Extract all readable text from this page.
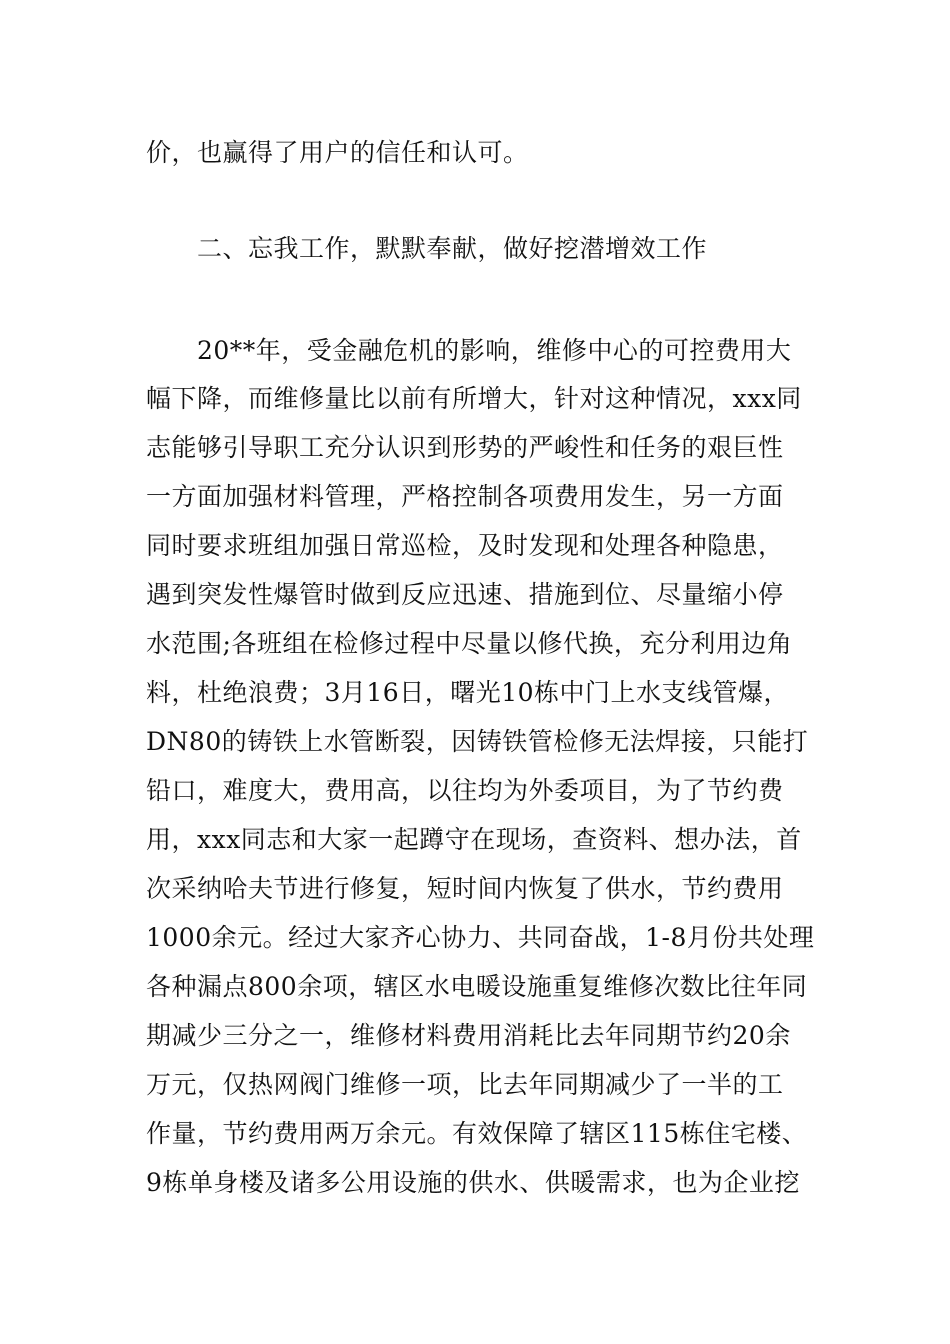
价，也赢得了用户的信任和认可。
二、忘我工作，默默奉献，做好挖潜增效工作
20**年，受金融危机的影响，维修中心的可控费用大
幅下降，而维修量比以前有所增大，针对这种情况，xxx同
志能够引导职工充分认识到形势的严峻性和任务的艰巨性
一方面加强材料管理，严格控制各项费用发生，另一方面
同时要求班组加强日常巡检，及时发现和处理各种隐患，
遇到突发性爆管时做到反应迅速、措施到位、尽量缩小停
水范围;各班组在检修过程中尽量以修代换，充分利用边角
料，杜绝浪费；3月16日，曙光10栋中门上水支线管爆，
DN80的铸铁上水管断裂，因铸铁管检修无法焊接，只能打
铅口，难度大，费用高，以往均为外委项目，为了节约费
用，xxx同志和大家一起蹲守在现场，查资料、想办法，首
次采纳哈夫节进行修复，短时间内恢复了供水，节约费用
1000余元。经过大家齐心协力、共同奋战，1-8月份共处理
各种漏点800余项，辖区水电暖设施重复维修次数比往年同
期减少三分之一，维修材料费用消耗比去年同期节约20余
万元，仅热网阀门维修一项，比去年同期减少了一半的工
作量，节约费用两万余元。有效保障了辖区115栋住宅楼、
9栋单身楼及诸多公用设施的供水、供暖需求，也为企业挖
